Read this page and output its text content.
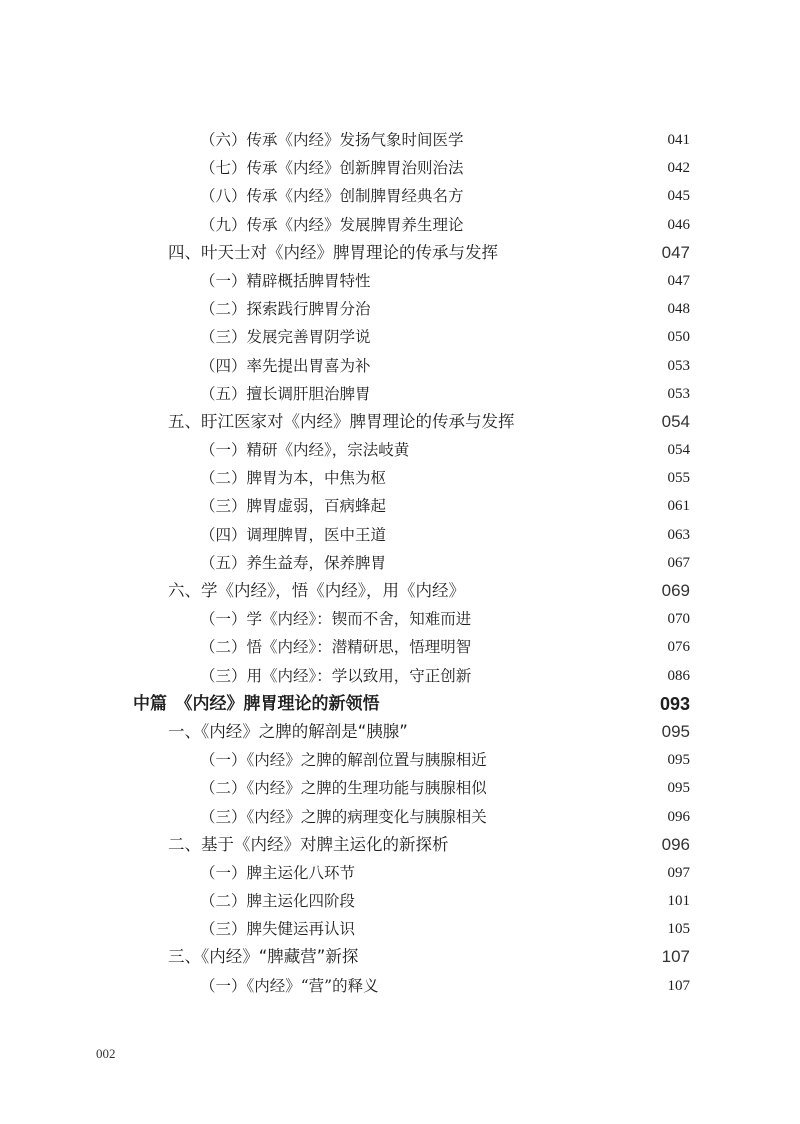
（六）传承《内经》发扬气象时间医学	041
（七）传承《内经》创新脾胃治则治法	042
（八）传承《内经》创制脾胃经典名方	045
（九）传承《内经》发展脾胃养生理论	046
四、叶天士对《内经》脾胃理论的传承与发挥	047
（一）精辟概括脾胃特性	047
（二）探索践行脾胃分治	048
（三）发展完善胃阴学说	050
（四）率先提出胃喜为补	053
（五）擅长调肝胆治脾胃	053
五、盱江医家对《内经》脾胃理论的传承与发挥	054
（一）精研《内经》，宗法岐黄	054
（二）脾胃为本，中焦为枢	055
（三）脾胃虚弱，百病蜂起	061
（四）调理脾胃，医中王道	063
（五）养生益寿，保养脾胃	067
六、学《内经》，悟《内经》，用《内经》	069
（一）学《内经》：锲而不舍，知难而进	070
（二）悟《内经》：潜精研思，悟理明智	076
（三）用《内经》：学以致用，守正创新	086
中篇　《内经》脾胃理论的新领悟	093
一、《内经》之脾的解剖是“胰腺”	095
（一）《内经》之脾的解剖位置与胰腺相近	095
（二）《内经》之脾的生理功能与胰腺相似	095
（三）《内经》之脾的病理变化与胰腺相关	096
二、基于《内经》对脾主运化的新探析	096
（一）脾主运化八环节	097
（二）脾主运化四阶段	101
（三）脾失健运再认识	105
三、《内经》“脾藏营”新探	107
（一）《内经》“营”的释义	107
002
